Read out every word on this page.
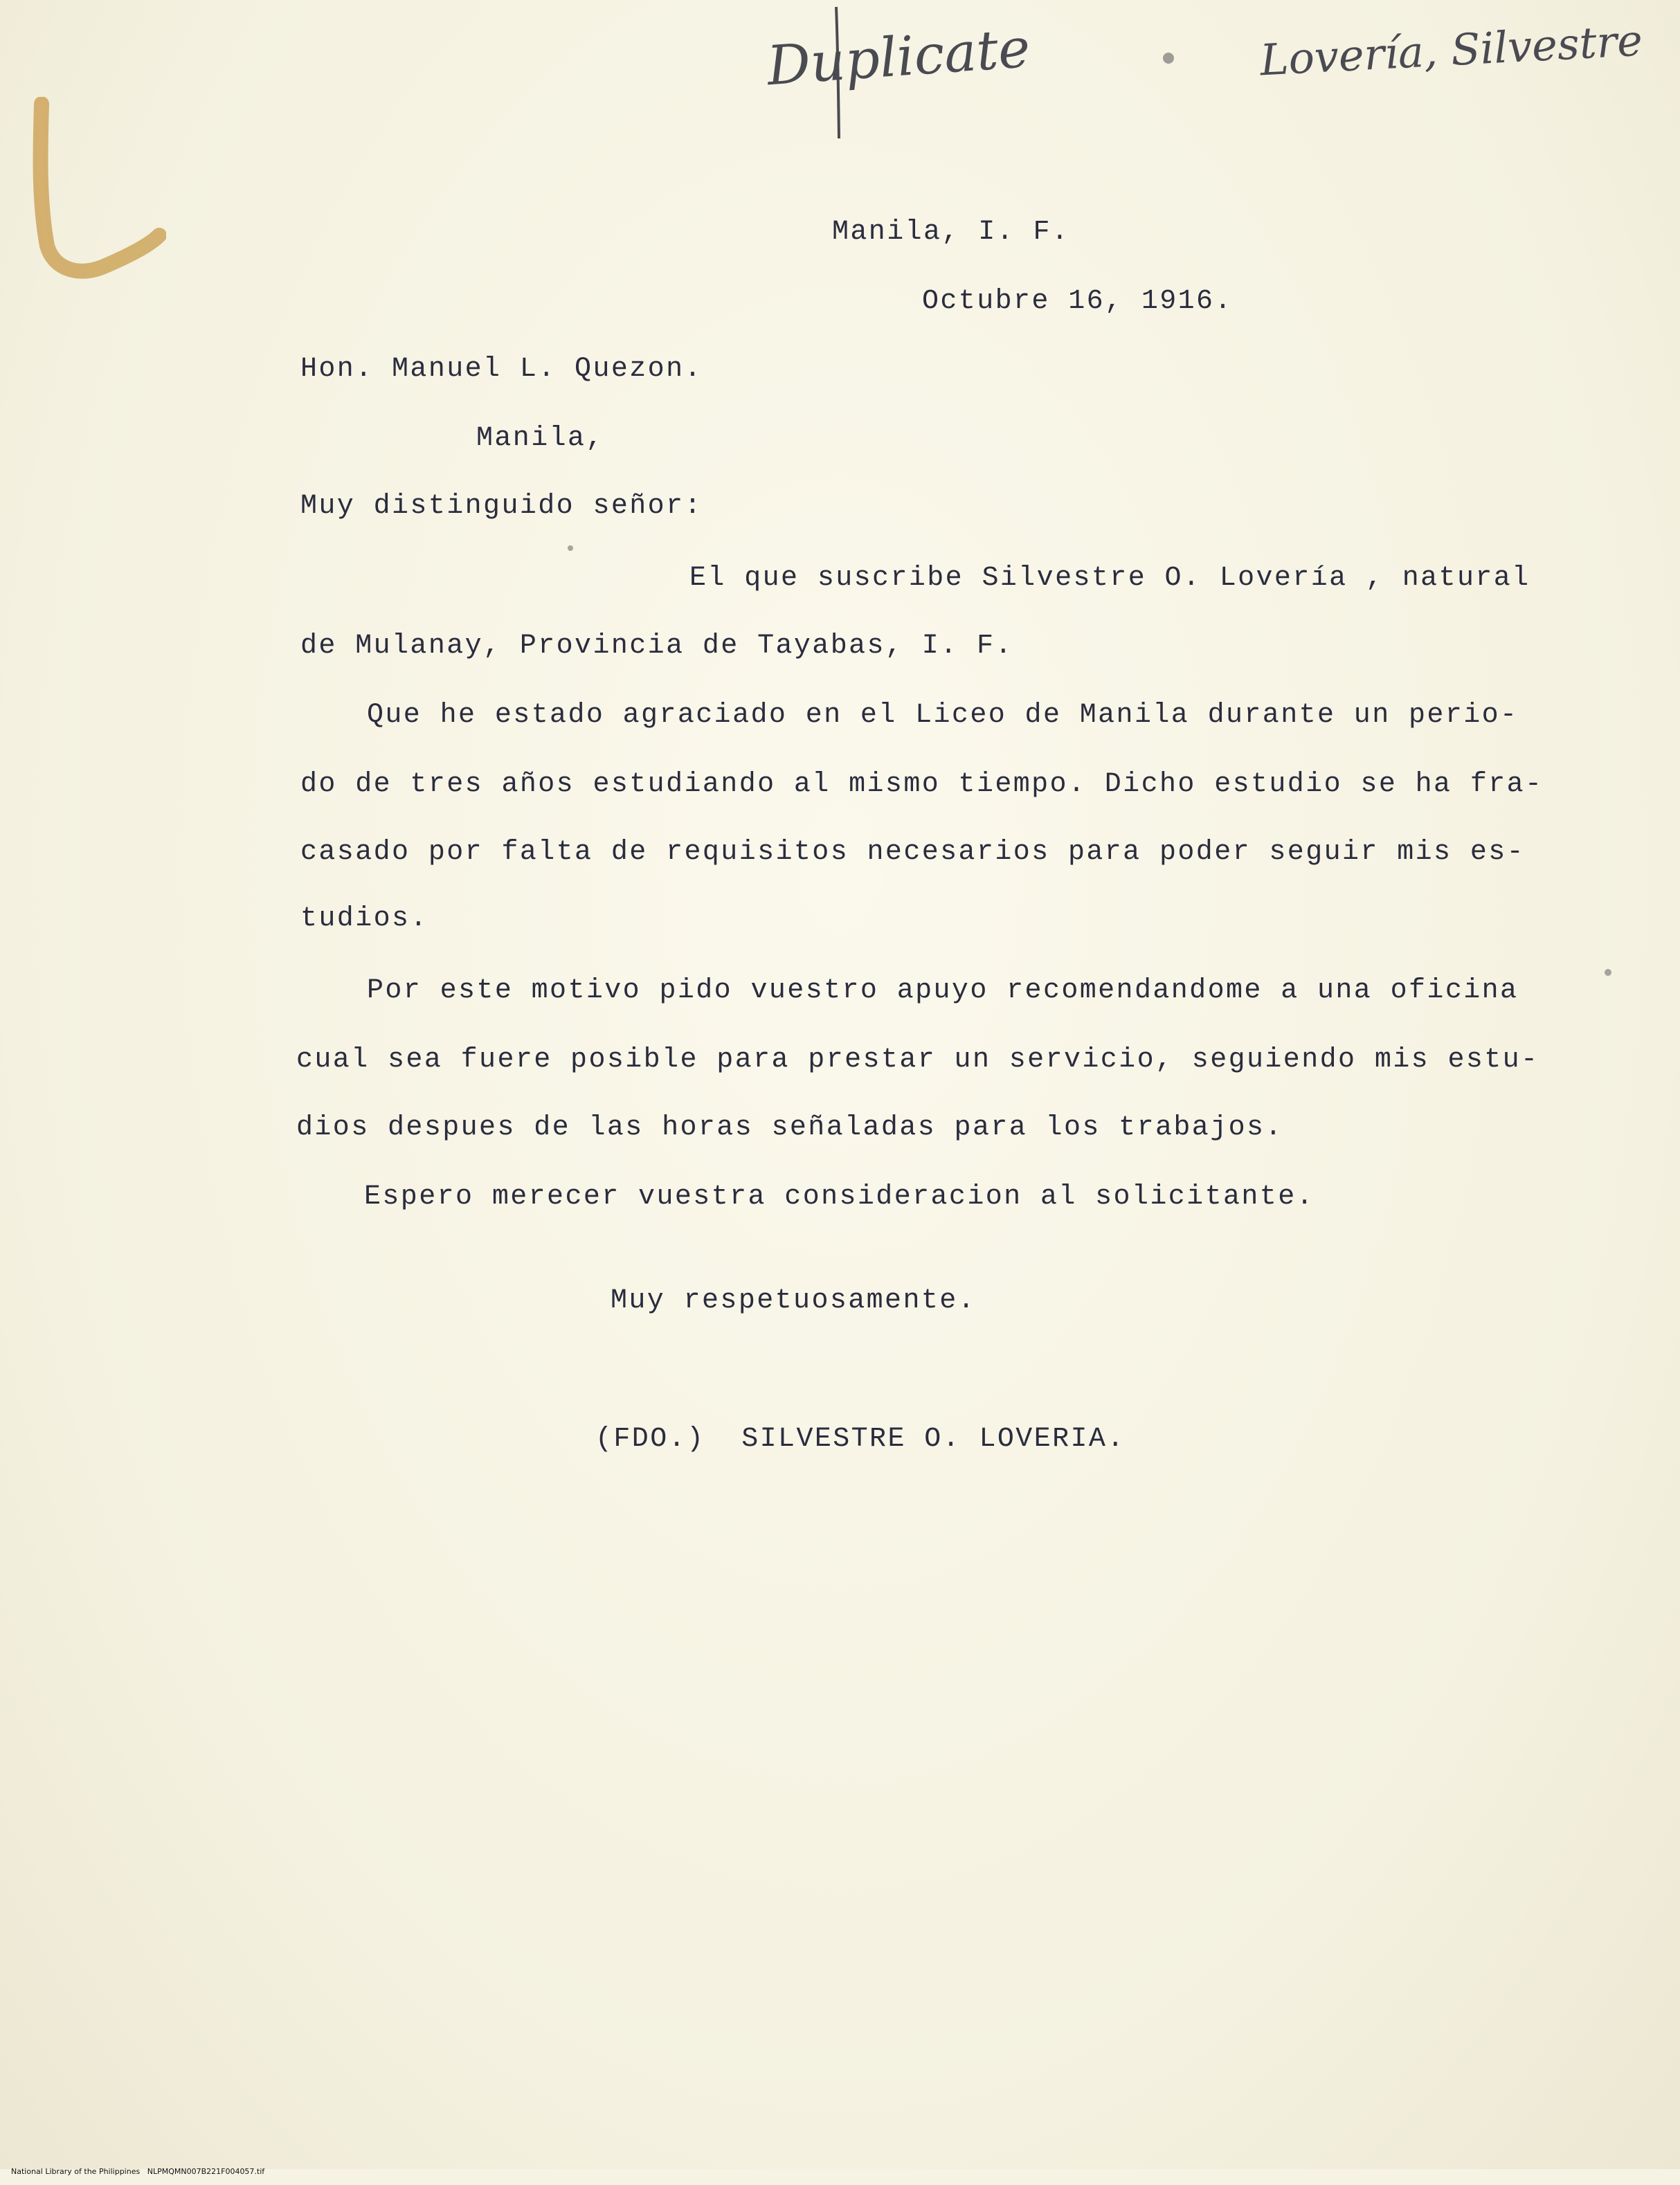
Duplicate	Lovería, Silvestre
Manila, I. F.
Octubre 16, 1916.
Hon. Manuel L. Quezon.
Manila,
Muy distinguido señor:
El que suscribe Silvestre O. Lovería , natural
de Mulanay, Provincia de Tayabas, I. F.
Que he estado agraciado en el Liceo de Manila durante un perio-
do de tres años estudiando al mismo tiempo. Dicho estudio se ha fra-
casado por falta de requisitos necesarios para poder seguir mis es-
tudios.
Por este motivo pido vuestro apuyo recomendandome a una oficina
cual sea fuere posible para prestar un servicio, seguiendo mis estu-
dios despues de las horas señaladas para los trabajos.
Espero merecer vuestra consideracion al solicitante.
Muy respetuosamente.
(FDO.)  SILVESTRE O. LOVERIA.

National Library of the Philippines NLPMQMN007B221F004057.tif
